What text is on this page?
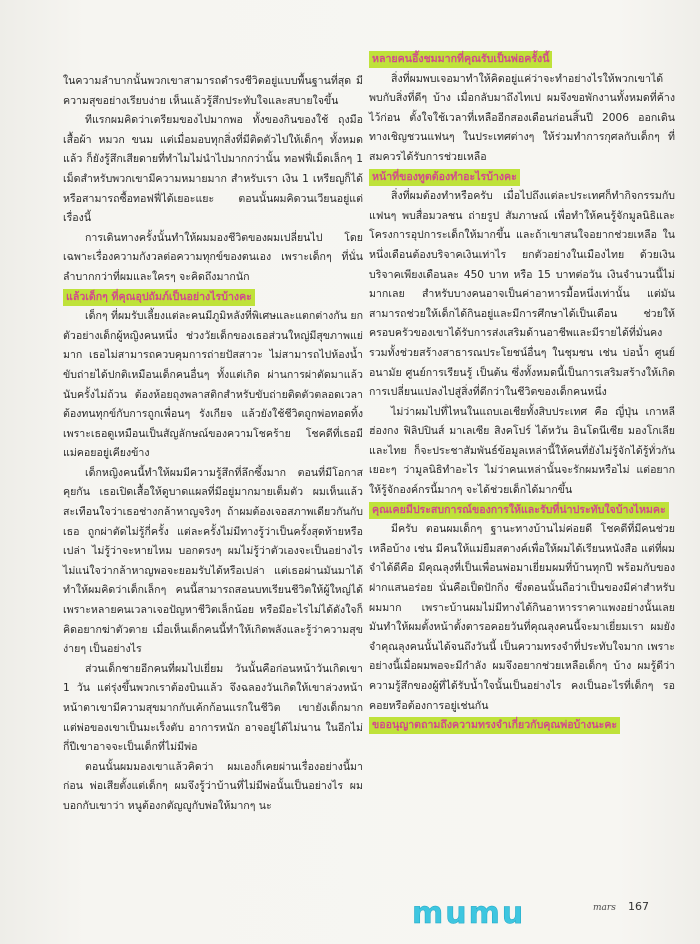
ในความลำบากนั้นพวกเขาสามารถดำรงชีวิตอยู่แบบพื้นฐานที่สุด มีความสุขอย่างเรียบง่าย เห็นแล้วรู้สึกประทับใจและสบายใจขึ้น

ทีแรกผมคิดว่าเตรียมของไปมากพอ ทั้งของกินของใช้ ถุงมือ เสื้อผ้า หมวก ขนม แต่เมื่อมอบทุกสิ่งที่มีติดตัวไปให้เด็กๆ ทั้งหมดแล้ว ก็ยังรู้สึกเสียดายที่ทำไมไม่นำไปมากกว่านั้น ทอฟฟี่เม็ดเล็กๆ 1 เม็ดสำหรับพวกเขามีความหมายมาก สำหรับเรา เงิน 1 เหรียญก็ได้หรือสามารถซื้อทอฟฟี่ได้เยอะแยะ ตอนนั้นผมคิดวนเวียนอยู่แต่เรื่องนี้

การเดินทางครั้งนั้นทำให้ผมมองชีวิตของผมเปลี่ยนไป โดยเฉพาะเรื่องความกังวลต่อความทุกข์ของตนเอง เพราะเด็กๆ ที่นั่นลำบากกว่าที่ผมและใครๆ จะคิดถึงมากนัก

แล้วเด็กๆ ที่คุณอุปถัมภ์เป็นอย่างไรบ้างคะ

เด็กๆ ที่ผมรับเลี้ยงแต่ละคนมีภูมิหลังที่พิเศษและแตกต่างกัน ยกตัวอย่างเด็กผู้หญิงคนหนึ่ง ช่วงวัยเด็กของเธอส่วนใหญ่มีสุขภาพแย่มาก เธอไม่สามารถควบคุมการถ่ายปัสสาวะ ไม่สามารถไปห้องน้ำขับถ่ายได้ปกติเหมือนเด็กคนอื่นๆ ทั้งแต่เกิด ผ่านการผ่าตัดมาแล้วนับครั้งไม่ถ้วน ต้องห้อยถุงพลาสติกสำหรับขับถ่ายติดตัวตลอดเวลา ต้องทนทุกข์กับการถูกเพื่อนๆ รังเกียจ แล้วยังใช้ชีวิตถูกพ่อทอดทิ้ง เพราะเธอดูเหมือนเป็นสัญลักษณ์ของความโชคร้าย โชคดีที่เธอมีแม่คอยอยู่เคียงข้าง

เด็กหญิงคนนี้ทำให้ผมมีความรู้สึกที่ลึกซึ้งมาก ตอนที่มีโอกาสคุยกัน เธอเปิดเสื้อให้ดูบาดแผลที่มีอยู่มากมายเต็มตัว ผมเห็นแล้วสะเทือนใจว่าเธอช่างกล้าหาญจริงๆ ถ้าผมต้องเจอสภาพเดียวกันกับเธอ ถูกผ่าตัดไม่รู้กี่ครั้ง แต่ละครั้งไม่มีทางรู้ว่าเป็นครั้งสุดท้ายหรือเปล่า ไม่รู้ว่าจะหายไหม บอกตรงๆ ผมไม่รู้ว่าตัวเองจะเป็นอย่างไร ไม่แน่ใจว่ากล้าหาญพอจะยอมรับได้หรือเปล่า แต่เธอผ่านมันมาได้ ทำให้ผมคิดว่าเด็กเล็กๆ คนนี้สามารถสอนบทเรียนชีวิตให้ผู้ใหญ่ได้ เพราะหลายคนเวลาเจอปัญหาชีวิตเล็กน้อย หรือมีอะไรไม่ได้ดังใจก็คิดอยากฆ่าตัวตาย เมื่อเห็นเด็กคนนี้ทำให้เกิดพลังและรู้ว่าความสุขง่ายๆ เป็นอย่างไร

ส่วนเด็กชายอีกคนที่ผมไปเยี่ยม วันนั้นคือก่อนหน้าวันเกิดเขา 1 วัน แต่รุ่งขึ้นพวกเราต้องบินแล้ว จึงฉลองวันเกิดให้เขาล่วงหน้า หน้าตาเขามีความสุขมากกับเค้กก้อนแรกในชีวิต เขายังเด็กมาก แต่พ่อของเขาเป็นมะเร็งตับ อาการหนัก อาจอยู่ได้ไม่นาน ในอีกไม่กี่ปีเขาอาจจะเป็นเด็กที่ไม่มีพ่อ

ตอนนั้นผมมองเขาแล้วคิดว่า ผมเองก็เคยผ่านเรื่องอย่างนี้มาก่อน พ่อเสียตั้งแต่เด็กๆ ผมจึงรู้ว่าบ้านที่ไม่มีพ่อนั้นเป็นอย่างไร ผมบอกกับเขาว่า หนูต้องกตัญญูกับพ่อให้มากๆ นะ

หลายคนอึ้งชมมากที่คุณรับเป็นพ่อครั้งนี้

สิ่งที่ผมพบเจอมาทำให้คิดอยู่แค่ว่าจะทำอย่างไรให้พวกเขาได้พบกับสิ่งที่ดีๆ บ้าง เมื่อกลับมาถึงไทเป ผมจึงขอพักงานทั้งหมดที่ค้างไว้ก่อน ตั้งใจใช้เวลาที่เหลืออีกสองเดือนก่อนสิ้นปี 2006 ออกเดินทางเชิญชวนแฟนๆ ในประเทศต่างๆ ให้ร่วมทำการกุศลกับเด็กๆ ที่สมควรได้รับการช่วยเหลือ

หน้าที่ของทูตต้องทำอะไรบ้างคะ

สิ่งที่ผมต้องทำหรือครับ เมื่อไปถึงแต่ละประเทศก็ทำกิจกรรมกับแฟนๆ พบสื่อมวลชน ถ่ายรูป สัมภาษณ์ เพื่อทำให้คนรู้จักมูลนิธิและโครงการอุปการะเด็กให้มากขึ้น และถ้าเขาสนใจอยากช่วยเหลือ ในหนึ่งเดือนต้องบริจาคเงินเท่าไร ยกตัวอย่างในเมืองไทย ด้วยเงินบริจาคเพียงเดือนละ 450 บาท หรือ 15 บาทต่อวัน เงินจำนวนนี้ไม่มากเลย สำหรับบางคนอาจเป็นค่าอาหารมื้อหนึ่งเท่านั้น แต่มันสามารถช่วยให้เด็กได้กินอยู่และมีการศึกษาได้เป็นเดือน ช่วยให้ครอบครัวของเขาได้รับการส่งเสริมด้านอาชีพและมีรายได้ที่มั่นคง รวมทั้งช่วยสร้างสาธารณประโยชน์อื่นๆ ในชุมชน เช่น บ่อน้ำ ศูนย์อนามัย ศูนย์การเรียนรู้ เป็นต้น ซึ่งทั้งหมดนี้เป็นการเสริมสร้างให้เกิดการเปลี่ยนแปลงไปสู่สิ่งที่ดีกว่าในชีวิตของเด็กคนหนึ่ง

ไม่ว่าผมไปที่ไหนในแถบเอเชียทั้งสิบประเทศ คือ ญี่ปุ่น เกาหลี ฮ่องกง ฟิลิปปินส์ มาเลเซีย สิงคโปร์ ไต้หวัน อินโดนีเซีย มองโกเลีย และไทย ก็จะประชาสัมพันธ์ข้อมูลเหล่านี้ให้คนที่ยังไม่รู้จักได้รู้ทั่วกัน เยอะๆ ว่ามูลนิธิทำอะไร ไม่ว่าคนเหล่านั้นจะรักผมหรือไม่ แต่อยากให้รู้จักองค์กรนี้มากๆ จะได้ช่วยเด็กได้มากขึ้น

คุณเคยมีประสบการณ์ของการให้และรับที่น่าประทับใจบ้างไหมคะ

มีครับ ตอนผมเด็กๆ ฐานะทางบ้านไม่ค่อยดี โชคดีที่มีคนช่วยเหลือบ้าง เช่น มีคนให้แม่ยืมสตางค์เพื่อให้ผมได้เรียนหนังสือ แต่ที่ผมจำได้ดีคือ มีคุณลุงที่เป็นเพื่อนพ่อมาเยี่ยมผมที่บ้านทุกปี พร้อมกับของฝากแสนอร่อย นั่นคือเป็ดปักกิ่ง ซึ่งตอนนั้นถือว่าเป็นของมีค่าสำหรับผมมาก เพราะบ้านผมไม่มีทางได้กินอาหารราคาแพงอย่างนั้นเลย มันทำให้ผมตั้งหน้าตั้งตารอคอยวันที่คุณลุงคนนี้จะมาเยี่ยมเรา ผมยังจำคุณลุงคนนั้นได้จนถึงวันนี้ เป็นความทรงจำที่ประทับใจมาก เพราะอย่างนี้เมื่อผมพอจะมีกำลัง ผมจึงอยากช่วยเหลือเด็กๆ บ้าง ผมรู้ดีว่าความรู้สึกของผู้ที่ได้รับน้ำใจนั้นเป็นอย่างไร คงเป็นอะไรที่เด็กๆ รอคอยหรือต้องการอยู่เช่นกัน

ขออนุญาตถามถึงความทรงจำเกี่ยวกับคุณพ่อบ้างนะคะ
mumu	mars 167
